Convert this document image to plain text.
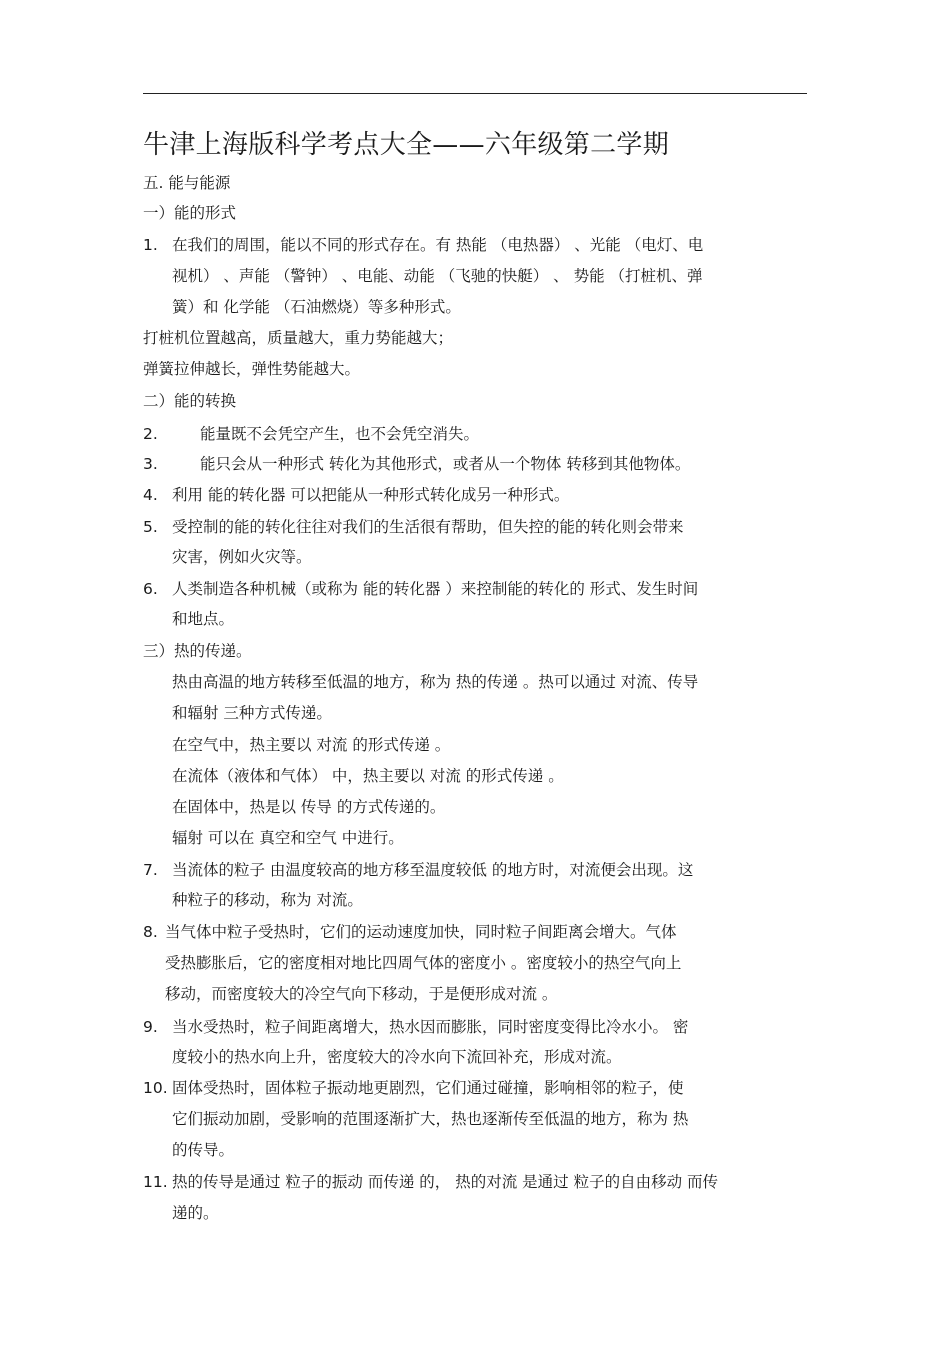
牛津上海版科学考点大全——六年级第二学期
五. 能与能源
一）能的形式
1. 在我们的周围，能以不同的形式存在。有 热能 （电热器） 、光能 （电灯、电
视机） 、声能 （警钟） 、电能、动能 （飞驰的快艇） 、 势能 （打桩机、弹
簧）和 化学能 （石油燃烧）等多种形式。
打桩机位置越高，质量越大，重力势能越大；
弹簧拉伸越长，弹性势能越大。
二）能的转换
2.	能量既不会凭空产生，也不会凭空消失。
3.	能只会从一种形式 转化为其他形式，或者从一个物体 转移到其他物体。
4. 利用 能的转化器 可以把能从一种形式转化成另一种形式。
5. 受控制的能的转化往往对我们的生活很有帮助，但失控的能的转化则会带来
灾害，例如火灾等。
6. 人类制造各种机械（或称为 能的转化器 ）来控制能的转化的 形式、发生时间
和地点。
三）热的传递。
热由高温的地方转移至低温的地方，称为 热的传递 。热可以通过 对流、传导
和辐射 三种方式传递。
在空气中，热主要以 对流 的形式传递 。
在流体（液体和气体） 中，热主要以 对流 的形式传递 。
在固体中，热是以 传导 的方式传递的。
辐射 可以在 真空和空气 中进行。
7. 当流体的粒子 由温度较高的地方移至温度较低 的地方时，对流便会出现。这
种粒子的移动，称为 对流。
8. 当气体中粒子受热时，它们的运动速度加快，同时粒子间距离会增大。气体
受热膨胀后，它的密度相对地比四周气体的密度小 。密度较小的热空气向上
移动，而密度较大的冷空气向下移动，于是便形成对流 。
9. 当水受热时，粒子间距离增大，热水因而膨胀，同时密度变得比冷水小。 密
度较小的热水向上升，密度较大的冷水向下流回补充，形成对流。
10. 固体受热时，固体粒子振动地更剧烈，它们通过碰撞，影响相邻的粒子，使
它们振动加剧，受影响的范围逐渐扩大，热也逐渐传至低温的地方，称为 热
的传导。
11. 热的传导是通过 粒子的振动 而传递 的， 热的对流 是通过 粒子的自由移动 而传
递的。
